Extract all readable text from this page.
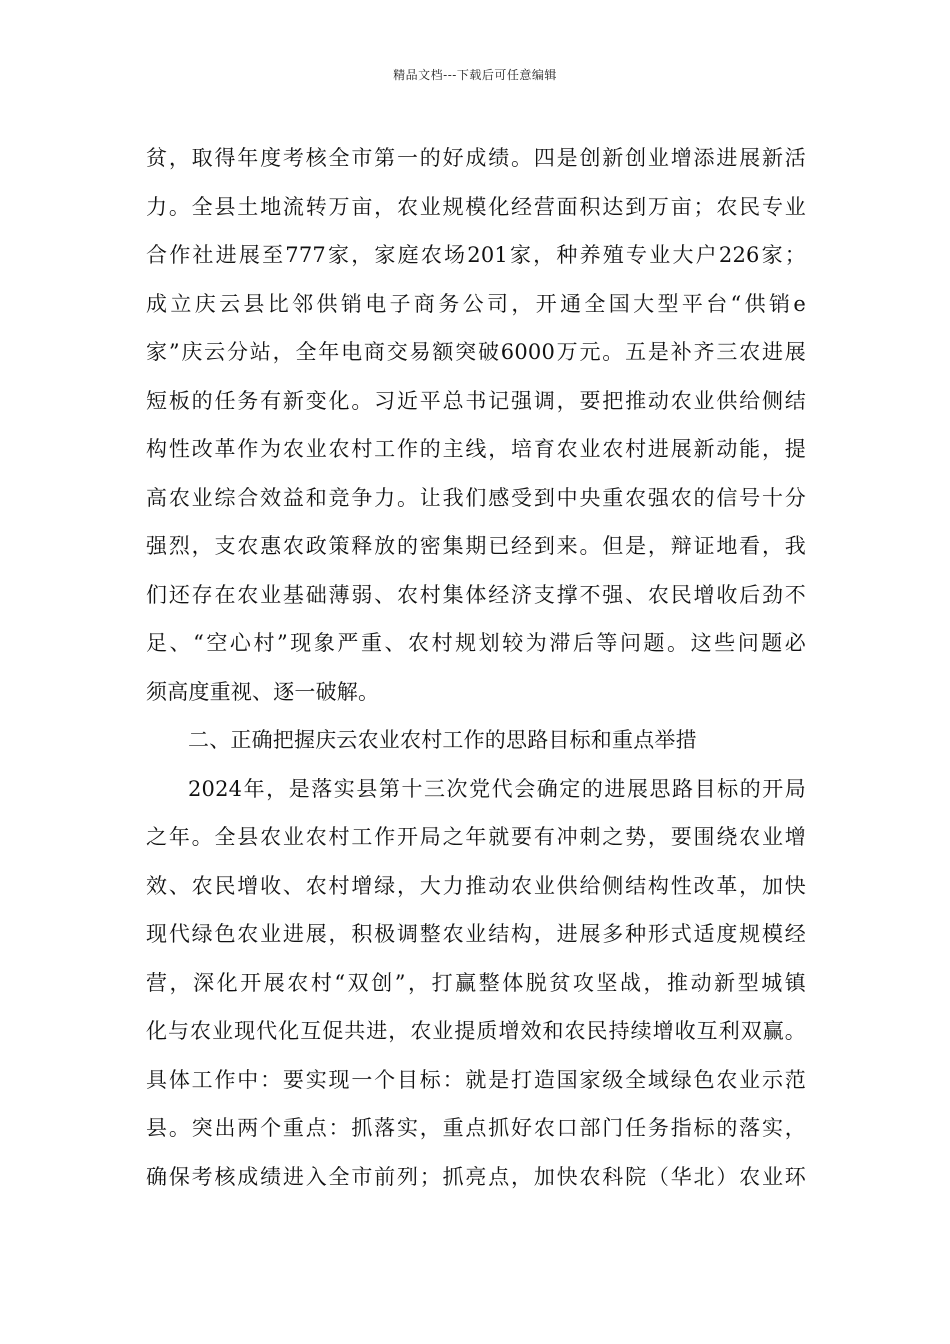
精品文档---下载后可任意编辑
贫，取得年度考核全市第一的好成绩。四是创新创业增添进展新活
力。全县土地流转万亩，农业规模化经营面积达到万亩；农民专业
合作社进展至777家，家庭农场201家，种养殖专业大户226家；
成立庆云县比邻供销电子商务公司，开通全国大型平台“供销e
家”庆云分站，全年电商交易额突破6000万元。五是补齐三农进展
短板的任务有新变化。习近平总书记强调，要把推动农业供给侧结
构性改革作为农业农村工作的主线，培育农业农村进展新动能，提
高农业综合效益和竞争力。让我们感受到中央重农强农的信号十分
强烈，支农惠农政策释放的密集期已经到来。但是，辩证地看，我
们还存在农业基础薄弱、农村集体经济支撑不强、农民增收后劲不
足、“空心村”现象严重、农村规划较为滞后等问题。这些问题必
须高度重视、逐一破解。
二、正确把握庆云农业农村工作的思路目标和重点举措
2024年，是落实县第十三次党代会确定的进展思路目标的开局
之年。全县农业农村工作开局之年就要有冲刺之势，要围绕农业增
效、农民增收、农村增绿，大力推动农业供给侧结构性改革，加快
现代绿色农业进展，积极调整农业结构，进展多种形式适度规模经
营，深化开展农村“双创”，打赢整体脱贫攻坚战，推动新型城镇
化与农业现代化互促共进，农业提质增效和农民持续增收互利双赢。
具体工作中：要实现一个目标：就是打造国家级全域绿色农业示范
县。突出两个重点：抓落实，重点抓好农口部门任务指标的落实，
确保考核成绩进入全市前列；抓亮点，加快农科院（华北）农业环
